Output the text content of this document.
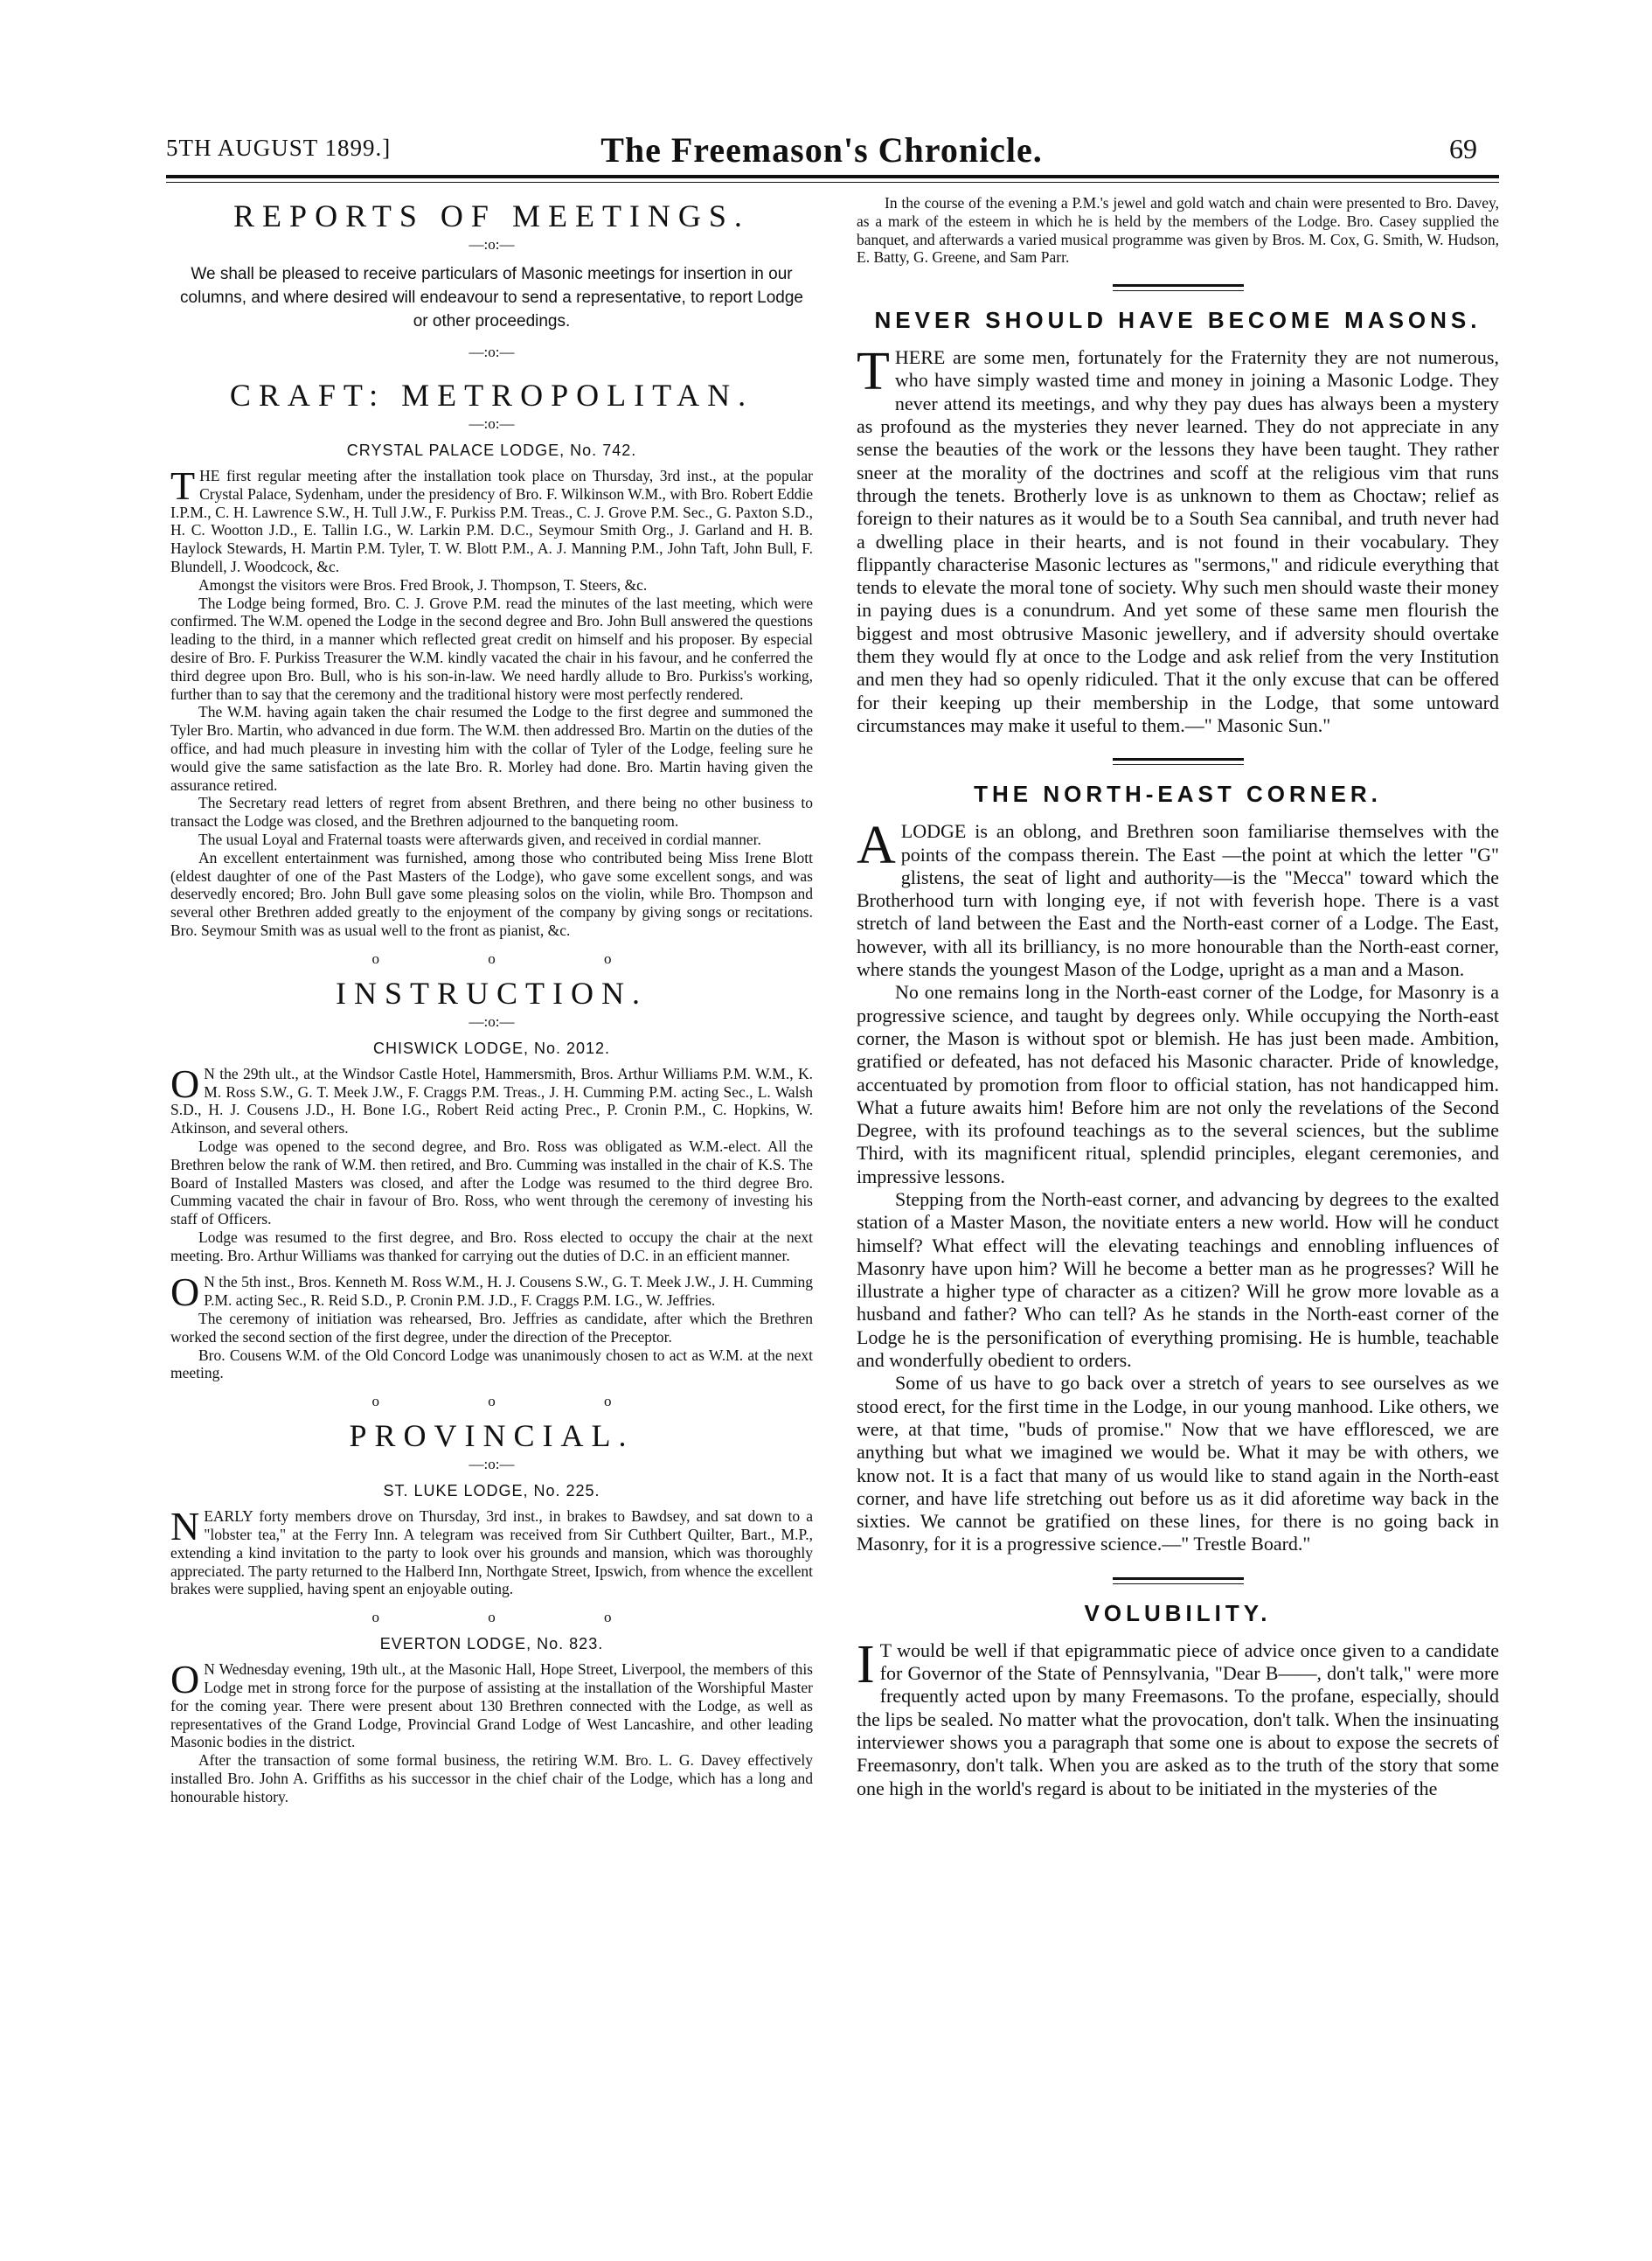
5TH AUGUST 1899.]	The Freemason's Chronicle.	69
REPORTS OF MEETINGS.
—:o:—
We shall be pleased to receive particulars of Masonic meetings for insertion in our columns, and where desired will endeavour to send a representative, to report Lodge or other proceedings.
—:o:—
CRAFT: METROPOLITAN.
—:o:—
CRYSTAL PALACE LODGE, No. 742.

THE first regular meeting after the installation took place on Thursday, 3rd inst., at the popular Crystal Palace, Sydenham, under the presidency of Bro. F. Wilkinson W.M., with Bro. Robert Eddie I.P.M., C. H. Lawrence S.W., H. Tull J.W., F. Purkiss P.M. Treas., C. J. Grove P.M. Sec., G. Paxton S.D., H. C. Wootton J.D., E. Tallin I.G., W. Larkin P.M. D.C., Seymour Smith Org., J. Garland and H. B. Haylock Stewards, H. Martin P.M. Tyler, T. W. Blott P.M., A. J. Manning P.M., John Taft, John Bull, F. Blundell, J. Woodcock, &c.

Amongst the visitors were Bros. Fred Brook, J. Thompson, T. Steers, &c.

The Lodge being formed, Bro. C. J. Grove P.M. read the minutes of the last meeting, which were confirmed. The W.M. opened the Lodge in the second degree and Bro. John Bull answered the questions leading to the third, in a manner which reflected great credit on himself and his proposer. By especial desire of Bro. F. Purkiss Treasurer the W.M. kindly vacated the chair in his favour, and he conferred the third degree upon Bro. Bull, who is his son-in-law. We need hardly allude to Bro. Purkiss's working, further than to say that the ceremony and the traditional history were most perfectly rendered.

The W.M. having again taken the chair resumed the Lodge to the first degree and summoned the Tyler Bro. Martin, who advanced in due form. The W.M. then addressed Bro. Martin on the duties of the office, and had much pleasure in investing him with the collar of Tyler of the Lodge, feeling sure he would give the same satisfaction as the late Bro. R. Morley had done. Bro. Martin having given the assurance retired.

The Secretary read letters of regret from absent Brethren, and there being no other business to transact the Lodge was closed, and the Brethren adjourned to the banqueting room.

The usual Loyal and Fraternal toasts were afterwards given, and received in cordial manner.

An excellent entertainment was furnished, among those who contributed being Miss Irene Blott (eldest daughter of one of the Past Masters of the Lodge), who gave some excellent songs, and was deservedly encored; Bro. John Bull gave some pleasing solos on the violin, while Bro. Thompson and several other Brethren added greatly to the enjoyment of the company by giving songs or recitations. Bro. Seymour Smith was as usual well to the front as pianist, &c.

o o o
INSTRUCTION.
—:o:—
CHISWICK LODGE, No. 2012.

O N the 29th ult., at the Windsor Castle Hotel, Hammersmith, Bros. Arthur Williams P.M. W.M., K. M. Ross S.W., G. T. Meek J.W., F. Craggs P.M. Treas., J. H. Cumming P.M. acting Sec., L. Walsh S.D., H. J. Cousens J.D., H. Bone I.G., Robert Reid acting Prec., P. Cronin P.M., C. Hopkins, W. Atkinson, and several others.

Lodge was opened to the second degree, and Bro. Ross was obligated as W.M.-elect. All the Brethren below the rank of W.M. then retired, and Bro. Cumming was installed in the chair of K.S. The Board of Installed Masters was closed, and after the Lodge was resumed to the third degree Bro. Cumming vacated the chair in favour of Bro. Ross, who went through the ceremony of investing his staff of Officers.

Lodge was resumed to the first degree, and Bro. Ross elected to occupy the chair at the next meeting. Bro. Arthur Williams was thanked for carrying out the duties of D.C. in an efficient manner.

O N the 5th inst., Bros. Kenneth M. Ross W.M., H. J. Cousens S.W., G. T. Meek J.W., J. H. Cumming P.M. acting Sec., R. Reid S.D., P. Cronin P.M. J.D., F. Craggs P.M. I.G., W. Jeffries.

The ceremony of initiation was rehearsed, Bro. Jeffries as candidate, after which the Brethren worked the second section of the first degree, under the direction of the Preceptor.

Bro. Cousens W.M. of the Old Concord Lodge was unanimously chosen to act as W.M. at the next meeting.

o o o
PROVINCIAL.
—:o:—
ST. LUKE LODGE, No. 225.

NEARLY forty members drove on Thursday, 3rd inst., in brakes to Bawdsey, and sat down to a "lobster tea," at the Ferry Inn. A telegram was received from Sir Cuthbert Quilter, Bart., M.P., extending a kind invitation to the party to look over his grounds and mansion, which was thoroughly appreciated. The party returned to the Halberd Inn, Northgate Street, Ipswich, from whence the excellent brakes were supplied, having spent an enjoyable outing.

o o o
EVERTON LODGE, No. 823.

O N Wednesday evening, 19th ult., at the Masonic Hall, Hope Street, Liverpool, the members of this Lodge met in strong force for the purpose of assisting at the installation of the Worshipful Master for the coming year. There were present about 130 Brethren connected with the Lodge, as well as representatives of the Grand Lodge, Provincial Grand Lodge of West Lancashire, and other leading Masonic bodies in the district.

After the transaction of some formal business, the retiring W.M. Bro. L. G. Davey effectively installed Bro. John A. Griffiths as his successor in the chief chair of the Lodge, which has a long and honourable history.

In the course of the evening a P.M.'s jewel and gold watch and chain were presented to Bro. Davey, as a mark of the esteem in which he is held by the members of the Lodge. Bro. Casey supplied the banquet, and afterwards a varied musical programme was given by Bros. M. Cox, G. Smith, W. Hudson, E. Batty, G. Greene, and Sam Parr.

NEVER SHOULD HAVE BECOME MASONS.

THERE are some men, fortunately for the Fraternity they are not numerous, who have simply wasted time and money in joining a Masonic Lodge. They never attend its meetings, and why they pay dues has always been a mystery as profound as the mysteries they never learned. They do not appreciate in any sense the beauties of the work or the lessons they have been taught. They rather sneer at the morality of the doctrines and scoff at the religious vim that runs through the tenets. Brotherly love is as unknown to them as Choctaw; relief as foreign to their natures as it would be to a South Sea cannibal, and truth never had a dwelling place in their hearts, and is not found in their vocabulary. They flippantly characterise Masonic lectures as "sermons," and ridicule everything that tends to elevate the moral tone of society. Why such men should waste their money in paying dues is a conundrum. And yet some of these same men flourish the biggest and most obtrusive Masonic jewellery, and if adversity should overtake them they would fly at once to the Lodge and ask relief from the very Institution and men they had so openly ridiculed. That it the only excuse that can be offered for their keeping up their membership in the Lodge, that some untoward circumstances may make it useful to them.—" Masonic Sun."

THE NORTH-EAST CORNER.

ALODGE is an oblong, and Brethren soon familiarise themselves with the points of the compass therein. The East —the point at which the letter "G" glistens, the seat of light and authority—is the "Mecca" toward which the Brotherhood turn with longing eye, if not with feverish hope. There is a vast stretch of land between the East and the North-east corner of a Lodge. The East, however, with all its brilliancy, is no more honourable than the North-east corner, where stands the youngest Mason of the Lodge, upright as a man and a Mason.

No one remains long in the North-east corner of the Lodge, for Masonry is a progressive science, and taught by degrees only. While occupying the North-east corner, the Mason is without spot or blemish. He has just been made. Ambition, gratified or defeated, has not defaced his Masonic character. Pride of knowledge, accentuated by promotion from floor to official station, has not handicapped him. What a future awaits him! Before him are not only the revelations of the Second Degree, with its profound teachings as to the several sciences, but the sublime Third, with its magnificent ritual, splendid principles, elegant ceremonies, and impressive lessons.

Stepping from the North-east corner, and advancing by degrees to the exalted station of a Master Mason, the novitiate enters a new world. How will he conduct himself? What effect will the elevating teachings and ennobling influences of Masonry have upon him? Will he become a better man as he progresses? Will he illustrate a higher type of character as a citizen? Will he grow more lovable as a husband and father? Who can tell? As he stands in the North-east corner of the Lodge he is the personification of everything promising. He is humble, teachable and wonderfully obedient to orders.

Some of us have to go back over a stretch of years to see ourselves as we stood erect, for the first time in the Lodge, in our young manhood. Like others, we were, at that time, "buds of promise." Now that we have effloresced, we are anything but what we imagined we would be. What it may be with others, we know not. It is a fact that many of us would like to stand again in the North-east corner, and have life stretching out before us as it did aforetime way back in the sixties. We cannot be gratified on these lines, for there is no going back in Masonry, for it is a progressive science.—" Trestle Board."

VOLUBILITY.

I T would be well if that epigrammatic piece of advice once given to a candidate for Governor of the State of Pennsylvania, "Dear B——, don't talk," were more frequently acted upon by many Freemasons. To the profane, especially, should the lips be sealed. No matter what the provocation, don't talk. When the insinuating interviewer shows you a paragraph that some one is about to expose the secrets of Freemasonry, don't talk. When you are asked as to the truth of the story that some one high in the world's regard is about to be initiated in the mysteries of the
